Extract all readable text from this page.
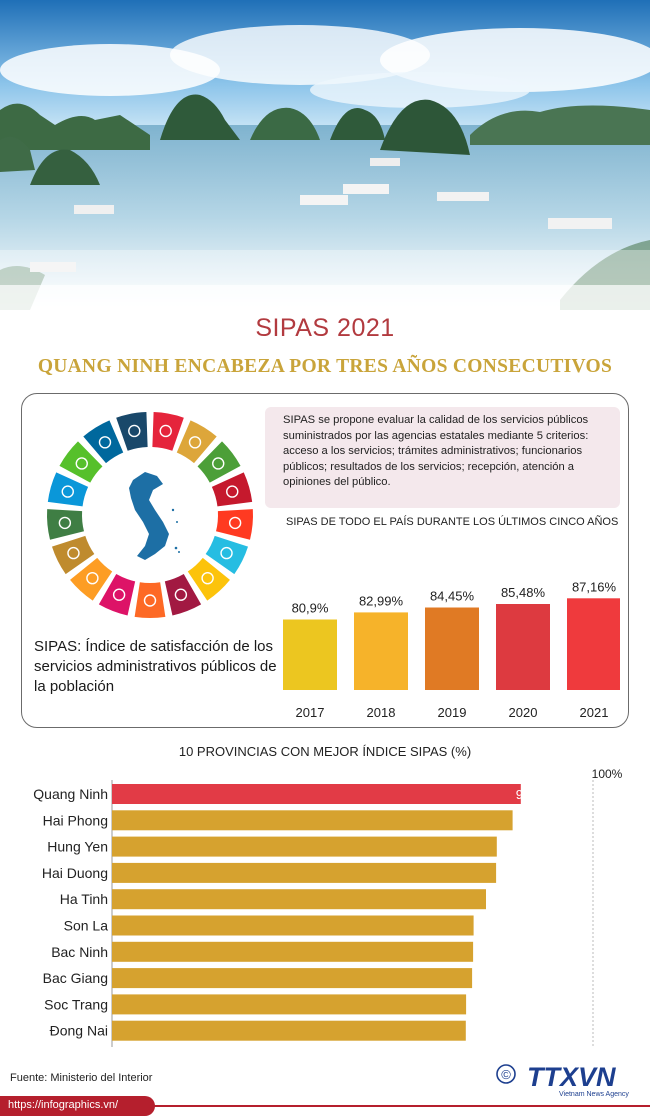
SIPAS 2021
QUANG NINH ENCABEZA POR TRES AÑOS CONSECUTIVOS
SIPAS: Índice de satisfacción de los servicios administrativos públicos de la población
SIPAS se propone evaluar la calidad de los servicios públicos suministrados por las agencias estatales mediante 5 criterios: acceso a los servicios; trámites administrativos; funcionarios públicos; resultados de los servicios; recepción, atención a opiniones del público.
SIPAS DE TODO EL PAÍS DURANTE LOS ÚLTIMOS CINCO AÑOS
80,9%
2017
82,99%
2018
84,45%
2019
85,48%
2020
87,16%
2021
10 PROVINCIAS CON MEJOR ÍNDICE SIPAS (%)
100%
Quang Ninh	94,07
Hai Phong	93,38
Hung Yen	92,07
Hai Duong	92,01
Ha Tinh	91,17
Son La	90,13
Bac Ninh	90,09
Bac Giang	90,01
Soc Trang	89,51
Đong Nai	89,48
Fuente: Ministerio del Interior
https://infographics.vn/
© TTXVN
Vietnam News Agency
